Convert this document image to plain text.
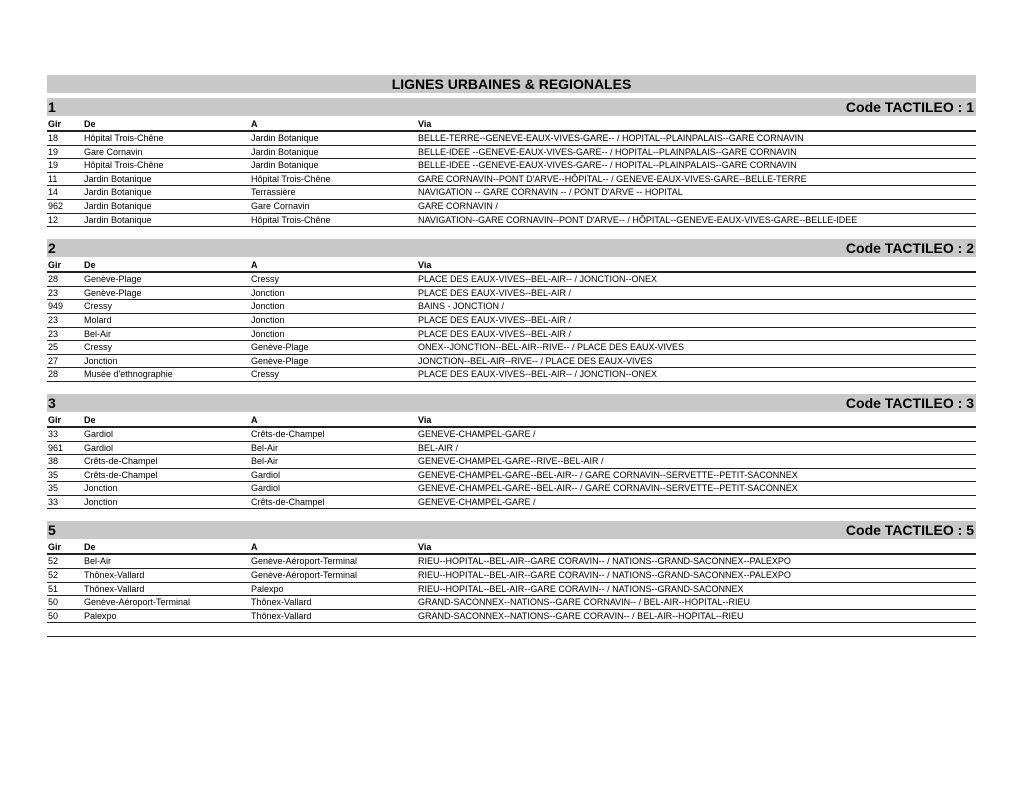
LIGNES URBAINES & REGIONALES
1	Code TACTILEO : 1
Gir	De	A	Via
18	Hôpital Trois-Chêne	Jardin Botanique	BELLE-TERRE--GENEVE-EAUX-VIVES-GARE-- / HOPITAL--PLAINPALAIS--GARE CORNAVIN
19	Gare Cornavin	Jardin Botanique	BELLE-IDEE --GENEVE-EAUX-VIVES-GARE-- / HOPITAL--PLAINPALAIS--GARE CORNAVIN
19	Hôpital Trois-Chêne	Jardin Botanique	BELLE-IDEE --GENEVE-EAUX-VIVES-GARE-- / HOPITAL--PLAINPALAIS--GARE CORNAVIN
11	Jardin Botanique	Hôpital Trois-Chêne	GARE CORNAVIN--PONT D'ARVE--HÔPITAL-- / GENEVE-EAUX-VIVES-GARE--BELLE-TERRE
14	Jardin Botanique	Terrassière	NAVIGATION -- GARE CORNAVIN -- / PONT D'ARVE -- HOPITAL
962	Jardin Botanique	Gare Cornavin	GARE CORNAVIN /
12	Jardin Botanique	Hôpital Trois-Chêne	NAVIGATION--GARE CORNAVIN--PONT D'ARVE-- / HÔPITAL--GENEVE-EAUX-VIVES-GARE--BELLE-IDEE
2	Code TACTILEO : 2
Gir	De	A	Via
28	Genève-Plage	Cressy	PLACE DES EAUX-VIVES--BEL-AIR-- / JONCTION--ONEX
23	Genève-Plage	Jonction	PLACE DES EAUX-VIVES--BEL-AIR /
949	Cressy	Jonction	BAINS - JONCTION /
23	Molard	Jonction	PLACE DES EAUX-VIVES--BEL-AIR /
23	Bel-Air	Jonction	PLACE DES EAUX-VIVES--BEL-AIR /
25	Cressy	Genève-Plage	ONEX--JONCTION--BEL-AIR--RIVE-- / PLACE DES EAUX-VIVES
27	Jonction	Genève-Plage	JONCTION--BEL-AIR--RIVE-- / PLACE DES EAUX-VIVES
28	Musée d'ethnographie	Cressy	PLACE DES EAUX-VIVES--BEL-AIR-- / JONCTION--ONEX
3	Code TACTILEO : 3
Gir	De	A	Via
33	Gardiol	Crêts-de-Champel	GENEVE-CHAMPEL-GARE /
961	Gardiol	Bel-Air	BEL-AIR /
38	Crêts-de-Champel	Bel-Air	GENEVE-CHAMPEL-GARE--RIVE--BEL-AIR /
35	Crêts-de-Champel	Gardiol	GENEVE-CHAMPEL-GARE--BEL-AIR-- / GARE CORNAVIN--SERVETTE--PETIT-SACONNEX
35	Jonction	Gardiol	GENEVE-CHAMPEL-GARE--BEL-AIR-- / GARE CORNAVIN--SERVETTE--PETIT-SACONNEX
33	Jonction	Crêts-de-Champel	GENEVE-CHAMPEL-GARE /
5	Code TACTILEO : 5
Gir	De	A	Via
52	Bel-Air	Genève-Aéroport-Terminal	RIEU--HOPITAL--BEL-AIR--GARE CORAVIN-- / NATIONS--GRAND-SACONNEX--PALEXPO
52	Thônex-Vallard	Genève-Aéroport-Terminal	RIEU--HOPITAL--BEL-AIR--GARE CORAVIN-- / NATIONS--GRAND-SACONNEX--PALEXPO
51	Thônex-Vallard	Palexpo	RIEU--HOPITAL--BEL-AIR--GARE CORAVIN-- / NATIONS--GRAND-SACONNEX
50	Genève-Aéroport-Terminal	Thônex-Vallard	GRAND-SACONNEX--NATIONS--GARE CORNAVIN-- / BEL-AIR--HOPITAL--RIEU
50	Palexpo	Thônex-Vallard	GRAND-SACONNEX--NATIONS--GARE CORAVIN-- / BEL-AIR--HOPITAL--RIEU
